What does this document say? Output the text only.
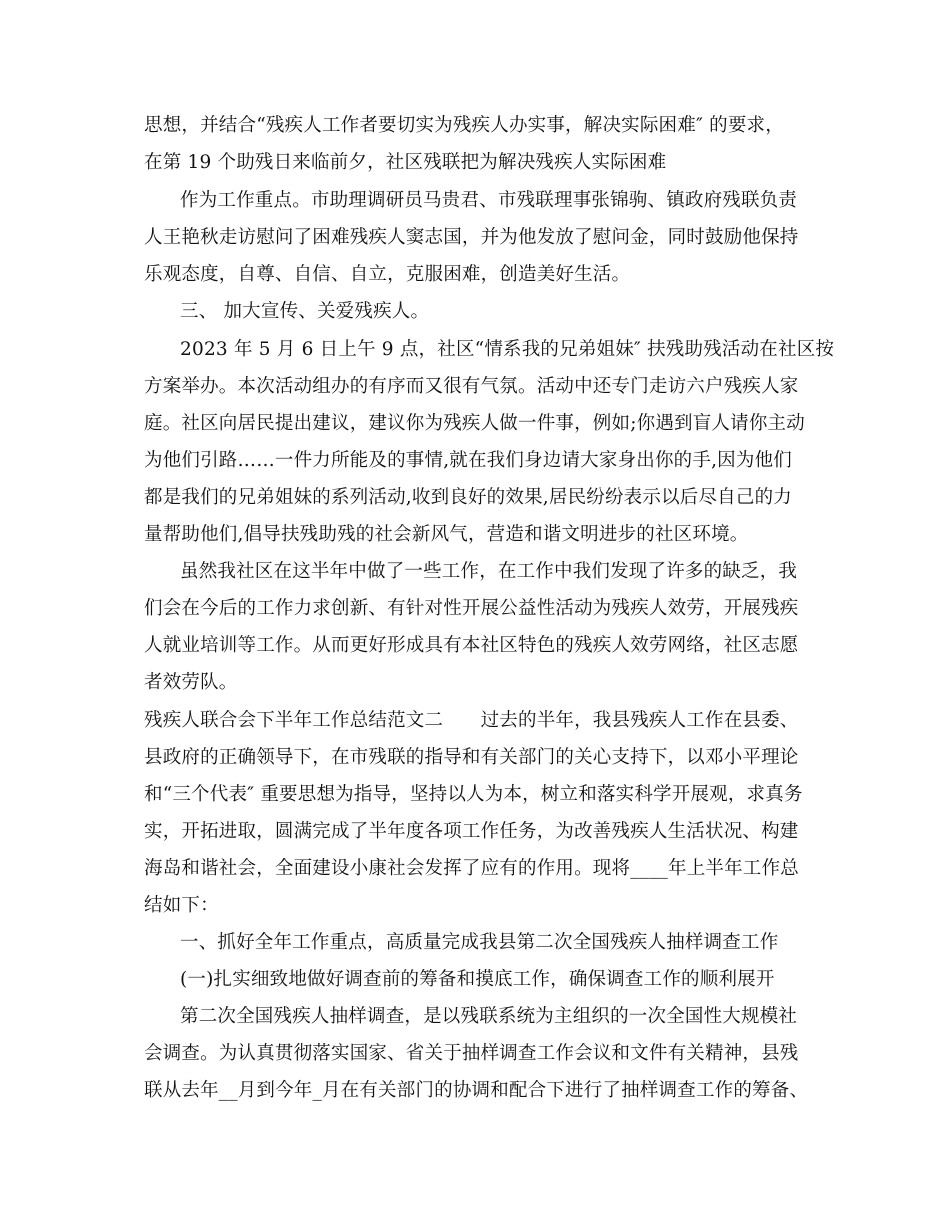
思想，并结合“残疾人工作者要切实为残疾人办实事，解决实际困难″ 的要求，
在第 19 个助残日来临前夕，社区残联把为解决残疾人实际困难
作为工作重点。市助理调研员马贵君、市残联理事张锦驹、镇政府残联负责
人王艳秋走访慰问了困难残疾人窦志国，并为他发放了慰问金，同时鼓励他保持
乐观态度，自尊、自信、自立，克服困难，创造美好生活。
三、 加大宣传、关爱残疾人。
2023 年 5 月 6 日上午 9 点，社区“情系我的兄弟姐妹″ 扶残助残活动在社区按
方案举办。本次活动组办的有序而又很有气氛。活动中还专门走访六户残疾人家
庭。社区向居民提出建议，建议你为残疾人做一件事，例如;你遇到盲人请你主动
为他们引路……一件力所能及的事情,就在我们身边请大家身出你的手,因为他们
都是我们的兄弟姐妹的系列活动,收到良好的效果,居民纷纷表示以后尽自己的力
量帮助他们,倡导扶残助残的社会新风气，营造和谐文明进步的社区环境。
虽然我社区在这半年中做了一些工作，在工作中我们发现了许多的缺乏，我
们会在今后的工作力求创新、有针对性开展公益性活动为残疾人效劳，开展残疾
人就业培训等工作。从而更好形成具有本社区特色的残疾人效劳网络，社区志愿
者效劳队。
残疾人联合会下半年工作总结范文二　　过去的半年，我县残疾人工作在县委、
县政府的正确领导下，在市残联的指导和有关部门的关心支持下，以邓小平理论
和“三个代表″ 重要思想为指导，坚持以人为本，树立和落实科学开展观，求真务
实，开拓进取，圆满完成了半年度各项工作任务，为改善残疾人生活状况、构建
海岛和谐社会，全面建设小康社会发挥了应有的作用。现将____年上半年工作总
结如下：
一、抓好全年工作重点，高质量完成我县第二次全国残疾人抽样调查工作
(一)扎实细致地做好调查前的筹备和摸底工作，确保调查工作的顺利展开
第二次全国残疾人抽样调查，是以残联系统为主组织的一次全国性大规模社
会调查。为认真贯彻落实国家、省关于抽样调查工作会议和文件有关精神，县残
联从去年__月到今年_月在有关部门的协调和配合下进行了抽样调查工作的筹备、
